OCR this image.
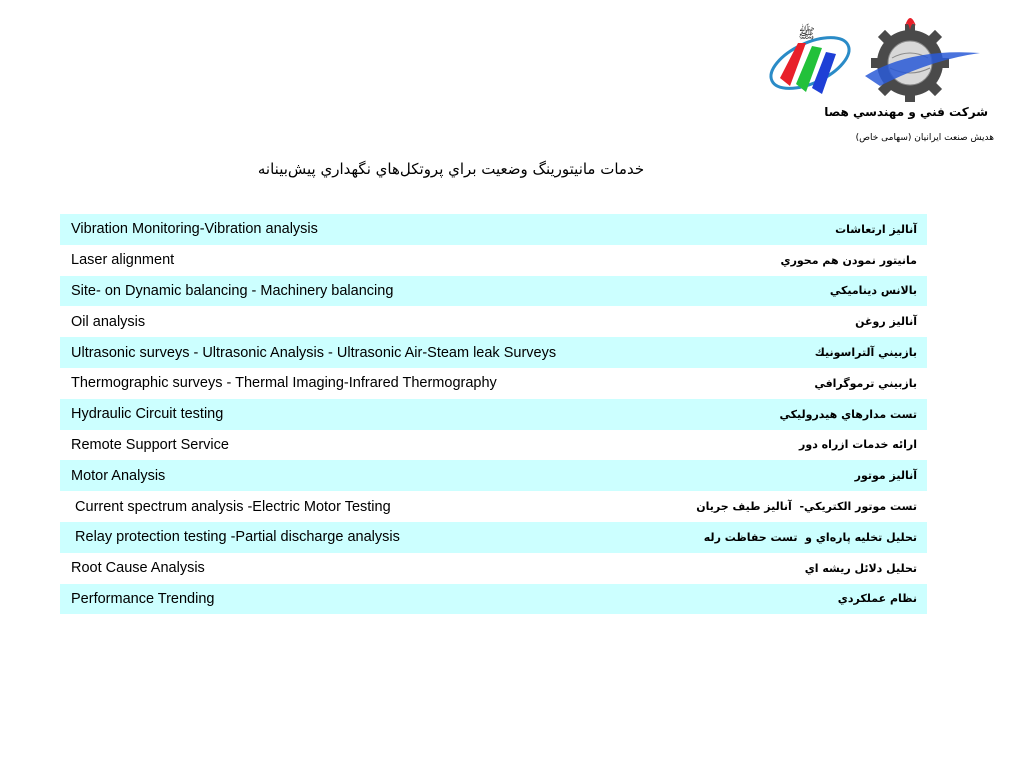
ﷺ
شركت فني و مهندسي هصا
هدیش صنعت ایرانیان (سهامی خاص)
خدمات مانيتورينگ وضعيت براي پروتكل‌هاي نگهداري پيش‌بينانه
Vibration Monitoring-Vibration analysis	آناليز ارتعاشات
Laser alignment	مانيتور نمودن هم محوري
Site- on Dynamic balancing - Machinery balancing	بالانس ديناميكي
Oil analysis	آناليز روغن
Ultrasonic surveys - Ultrasonic Analysis - Ultrasonic Air-Steam leak Surveys	بازبيني آلتراسونيك
Thermographic surveys - Thermal Imaging-Infrared Thermography	بازبيني ترموگرافي
Hydraulic Circuit testing	تست مدارهاي هيدروليكي
Remote Support Service	ارائه خدمات ازراه دور
Motor Analysis	آناليز موتور
Current spectrum analysis -Electric Motor Testing	تست موتور الكتريكي-  آناليز طيف جريان
Relay protection testing -Partial discharge analysis	تحليل تخليه پاره‌اي و  تست حفاظت رله
Root Cause Analysis	تحليل دلائل ريشه اي
Performance Trending	نظام عملكردي
